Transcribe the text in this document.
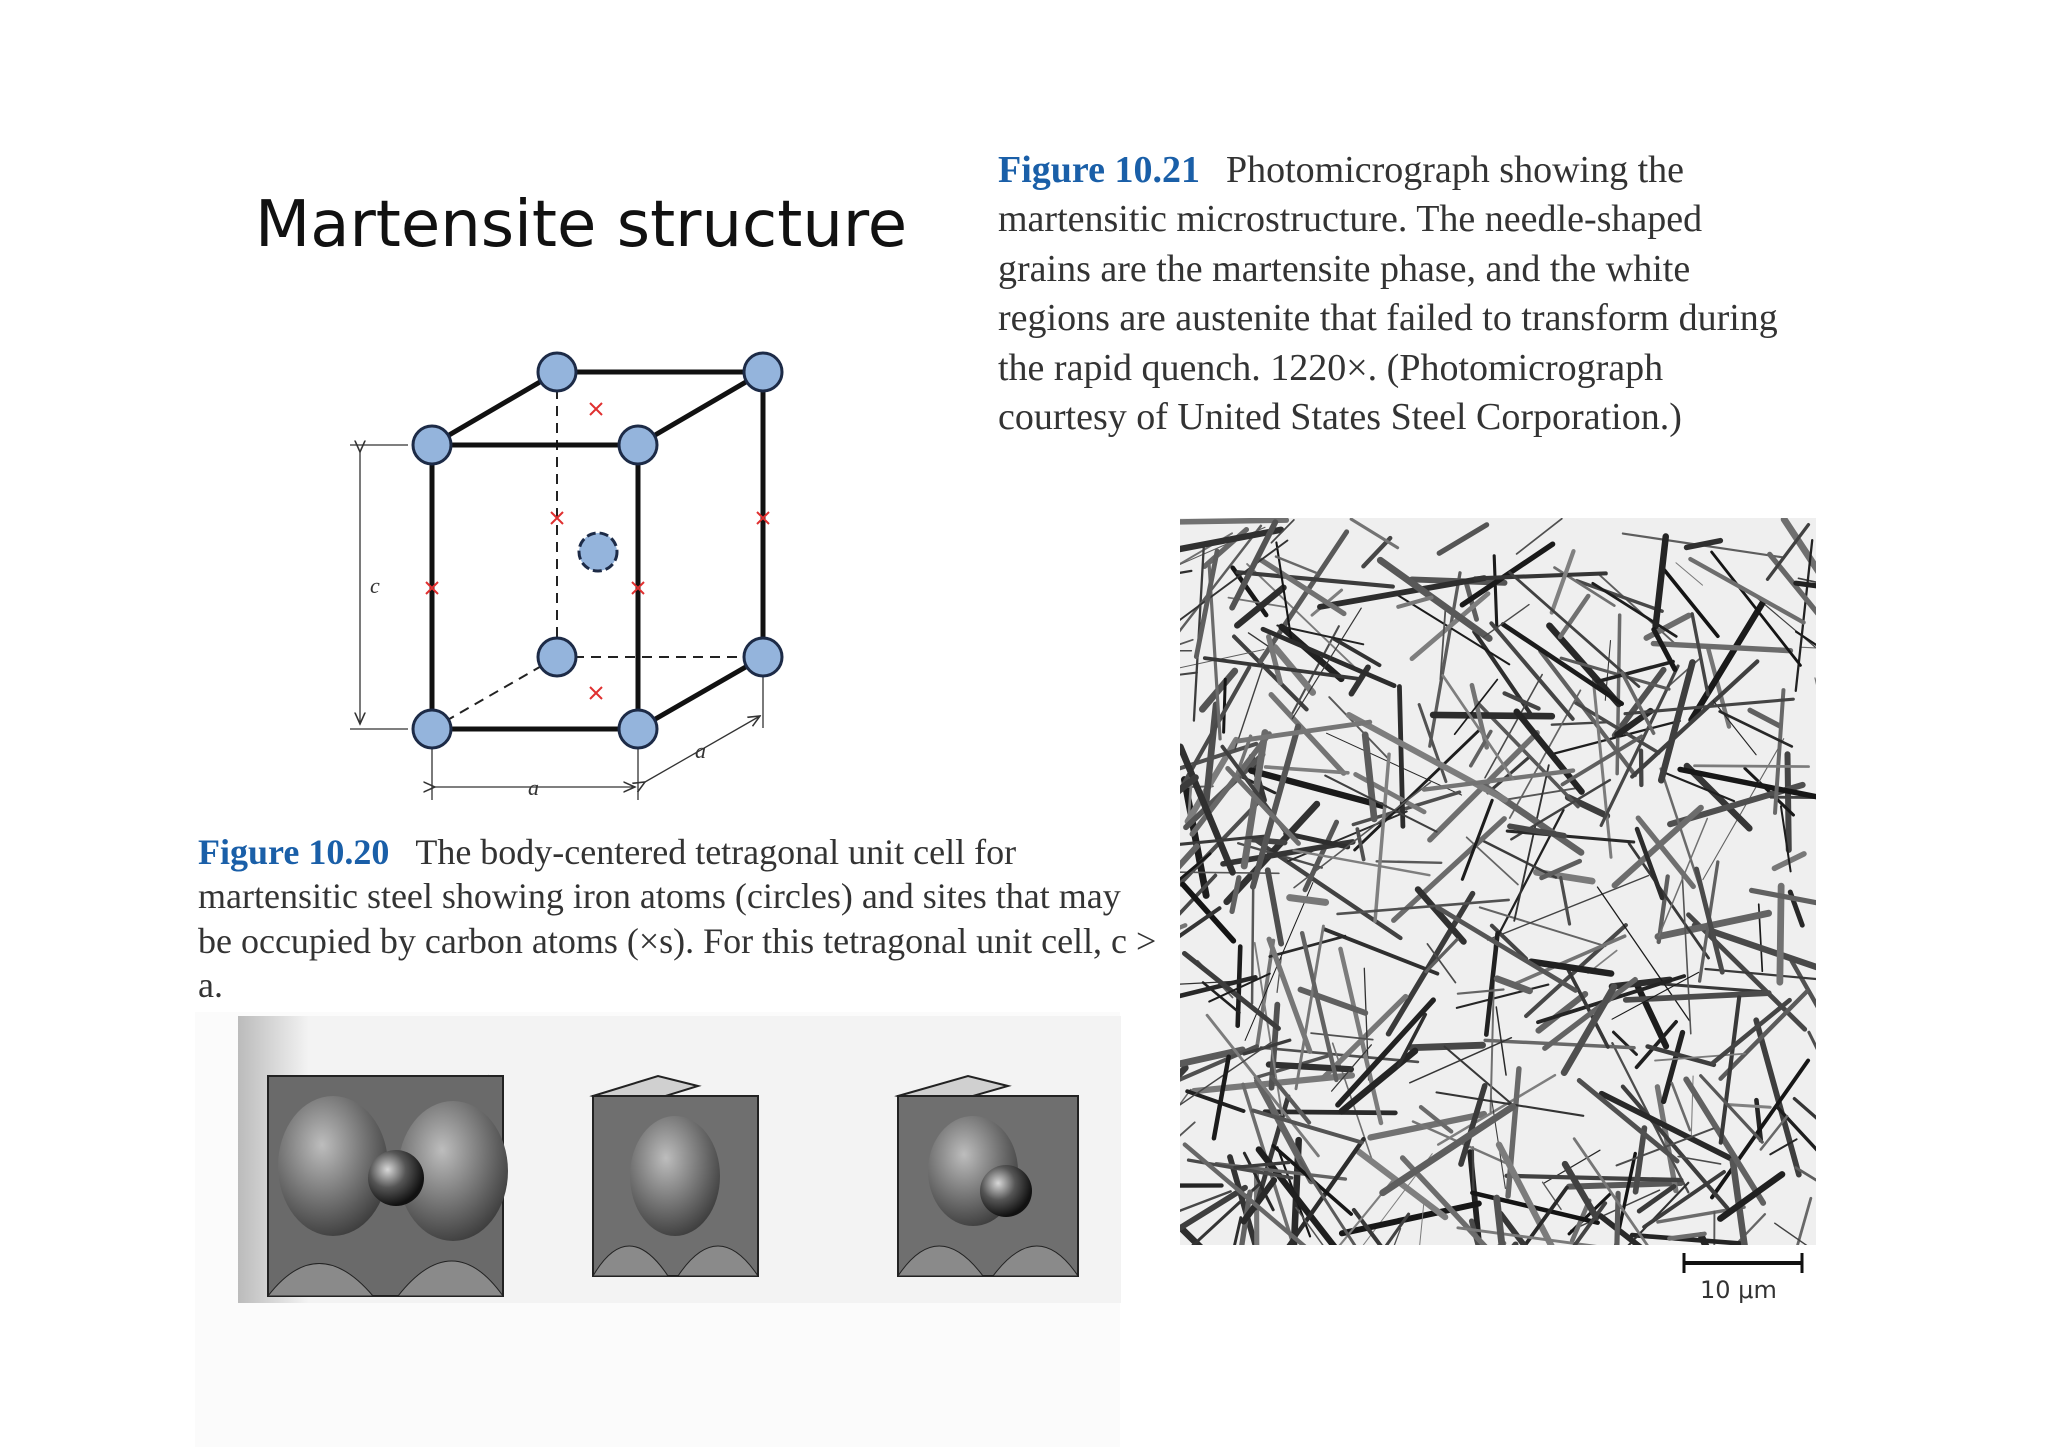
Martensite structure
Figure 10.21 Photomicrograph showing the martensitic microstructure. The needle-shaped grains are the martensite phase, and the white regions are austenite that failed to transform during the rapid quench. 1220×. (Photomicrograph courtesy of United States Steel Corporation.)
c
a
a
Figure 10.20 The body-centered tetragonal unit cell for martensitic steel showing iron atoms (circles) and sites that may be occupied by carbon atoms (×s). For this tetragonal unit cell, c > a.
10 μm
